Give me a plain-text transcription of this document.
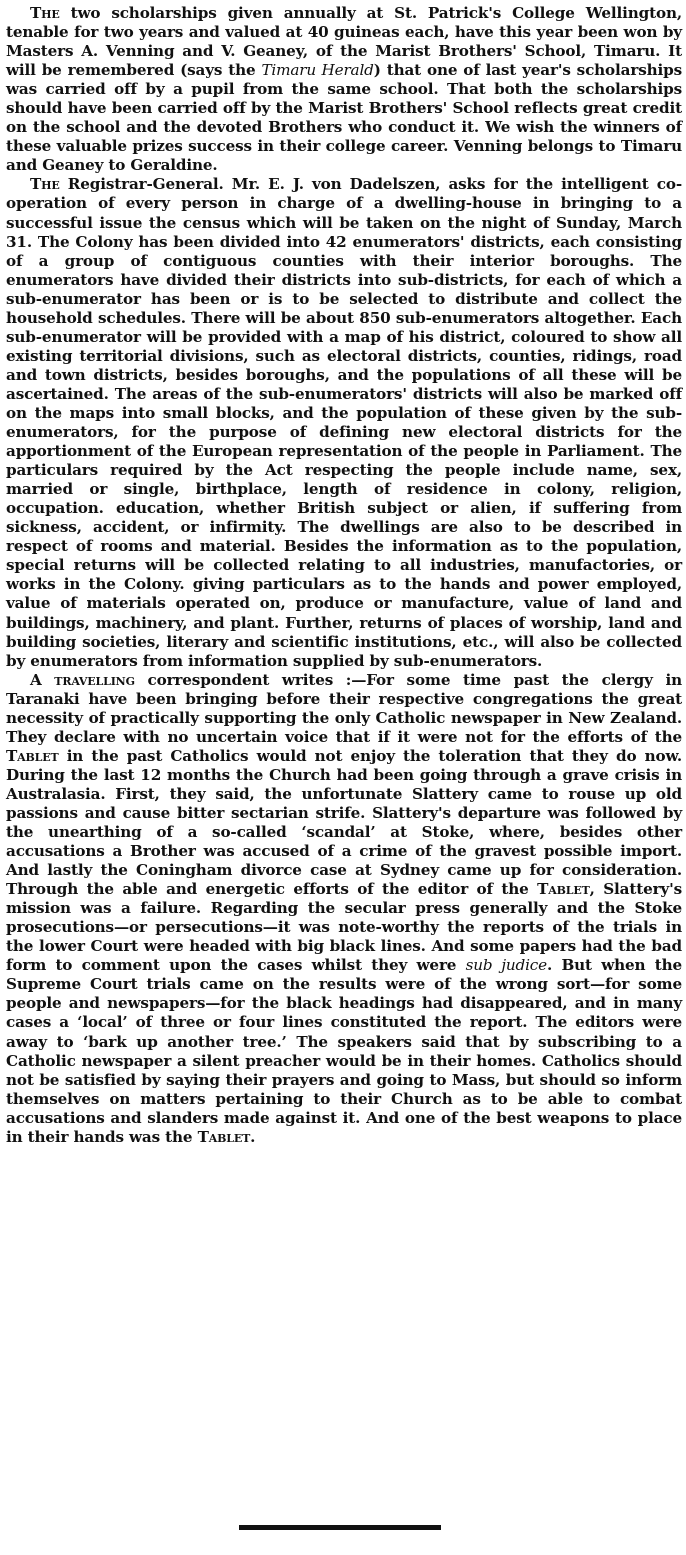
The two scholarships given annually at St. Patrick's College Wellington, tenable for two years and valued at 40 guineas each, have this year been won by Masters A. Venning and V. Geaney, of the Marist Brothers' School, Timaru. It will be remembered (says the Timaru Herald) that one of last year's scholarships was carried off by a pupil from the same school. That both the scholarships should have been carried off by the Marist Brothers' School reflects great credit on the school and the devoted Brothers who conduct it. We wish the winners of these valuable prizes success in their college career. Venning belongs to Timaru and Geaney to Geraldine.

The Registrar-General. Mr. E. J. von Dadelszen, asks for the intelligent co-operation of every person in charge of a dwelling-house in bringing to a successful issue the census which will be taken on the night of Sunday, March 31. The Colony has been divided into 42 enumerators' districts, each consisting of a group of contiguous counties with their interior boroughs. The enumerators have divided their districts into sub-districts, for each of which a sub-enumerator has been or is to be selected to distribute and collect the household schedules. There will be about 850 sub-enumerators altogether. Each sub-enumerator will be provided with a map of his district, coloured to show all existing territorial divisions, such as electoral districts, counties, ridings, road and town districts, besides boroughs, and the populations of all these will be ascertained. The areas of the sub-enumerators' districts will also be marked off on the maps into small blocks, and the population of these given by the sub-enumerators, for the purpose of defining new electoral districts for the apportionment of the European representation of the people in Parliament. The particulars required by the Act respecting the people include name, sex, married or single, birthplace, length of residence in colony, religion, occupation. education, whether British subject or alien, if suffering from sickness, accident, or infirmity. The dwellings are also to be described in respect of rooms and material. Besides the information as to the population, special returns will be collected relating to all industries, manufactories, or works in the Colony. giving particulars as to the hands and power employed, value of materials operated on, produce or manufacture, value of land and buildings, machinery, and plant. Further, returns of places of worship, land and building societies, literary and scientific institutions, etc., will also be collected by enumerators from information supplied by sub-enumerators.

A travelling correspondent writes :—For some time past the clergy in Taranaki have been bringing before their respective congregations the great necessity of practically supporting the only Catholic newspaper in New Zealand. They declare with no uncertain voice that if it were not for the efforts of the Tablet in the past Catholics would not enjoy the toleration that they do now. During the last 12 months the Church had been going through a grave crisis in Australasia. First, they said, the unfortunate Slattery came to rouse up old passions and cause bitter sectarian strife. Slattery's departure was followed by the unearthing of a so-called ‘scandal’ at Stoke, where, besides other accusations a Brother was accused of a crime of the gravest possible import. And lastly the Coningham divorce case at Sydney came up for consideration. Through the able and energetic efforts of the editor of the Tablet, Slattery's mission was a failure. Regarding the secular press generally and the Stoke prosecutions—or persecutions—it was note-worthy the reports of the trials in the lower Court were headed with big black lines. And some papers had the bad form to comment upon the cases whilst they were sub judice. But when the Supreme Court trials came on the results were of the wrong sort—for some people and newspapers—for the black headings had disappeared, and in many cases a ‘local’ of three or four lines constituted the report. The editors were away to ‘bark up another tree.’ The speakers said that by subscribing to a Catholic newspaper a silent preacher would be in their homes. Catholics should not be satisfied by saying their prayers and going to Mass, but should so inform themselves on matters pertaining to their Church as to be able to combat accusations and slanders made against it. And one of the best weapons to place in their hands was the Tablet.
